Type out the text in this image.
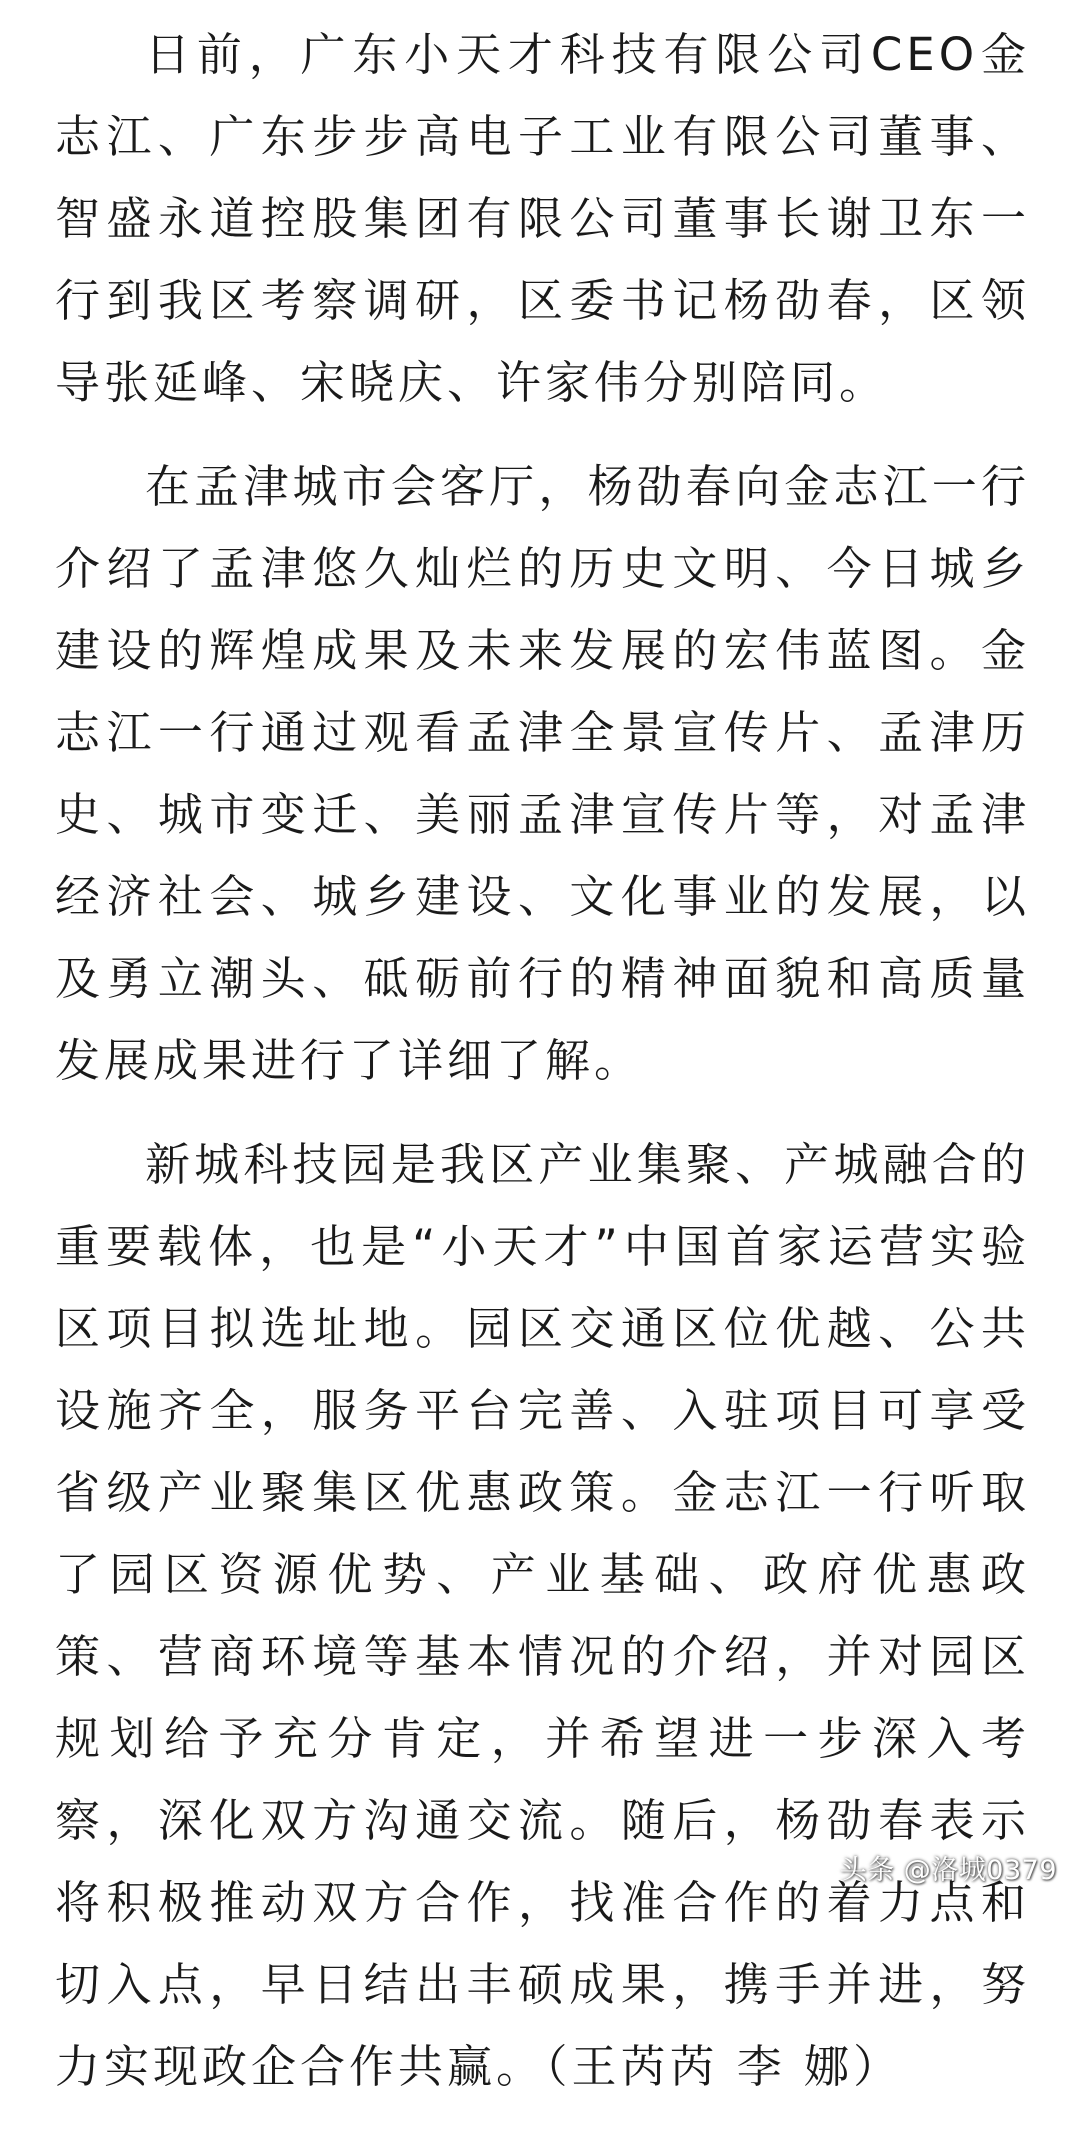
日前，广东小天才科技有限公司CEO金志江、广东步步高电子工业有限公司董事、智盛永道控股集团有限公司董事长谢卫东一行到我区考察调研，区委书记杨劭春，区领导张延峰、宋晓庆、许家伟分别陪同。

在孟津城市会客厅，杨劭春向金志江一行介绍了孟津悠久灿烂的历史文明、今日城乡建设的辉煌成果及未来发展的宏伟蓝图。金志江一行通过观看孟津全景宣传片、孟津历史、城市变迁、美丽孟津宣传片等，对孟津经济社会、城乡建设、文化事业的发展，以及勇立潮头、砥砺前行的精神面貌和高质量发展成果进行了详细了解。

新城科技园是我区产业集聚、产城融合的重要载体，也是“小天才”中国首家运营实验区项目拟选址地。园区交通区位优越、公共设施齐全，服务平台完善、入驻项目可享受省级产业聚集区优惠政策。金志江一行听取了园区资源优势、产业基础、政府优惠政策、营商环境等基本情况的介绍，并对园区规划给予充分肯定，并希望进一步深入考察，深化双方沟通交流。随后，杨劭春表示将积极推动双方合作，找准合作的着力点和切入点，早日结出丰硕成果，携手并进，努力实现政企合作共赢。（王芮芮 李 娜）

头条 @洛城0379
